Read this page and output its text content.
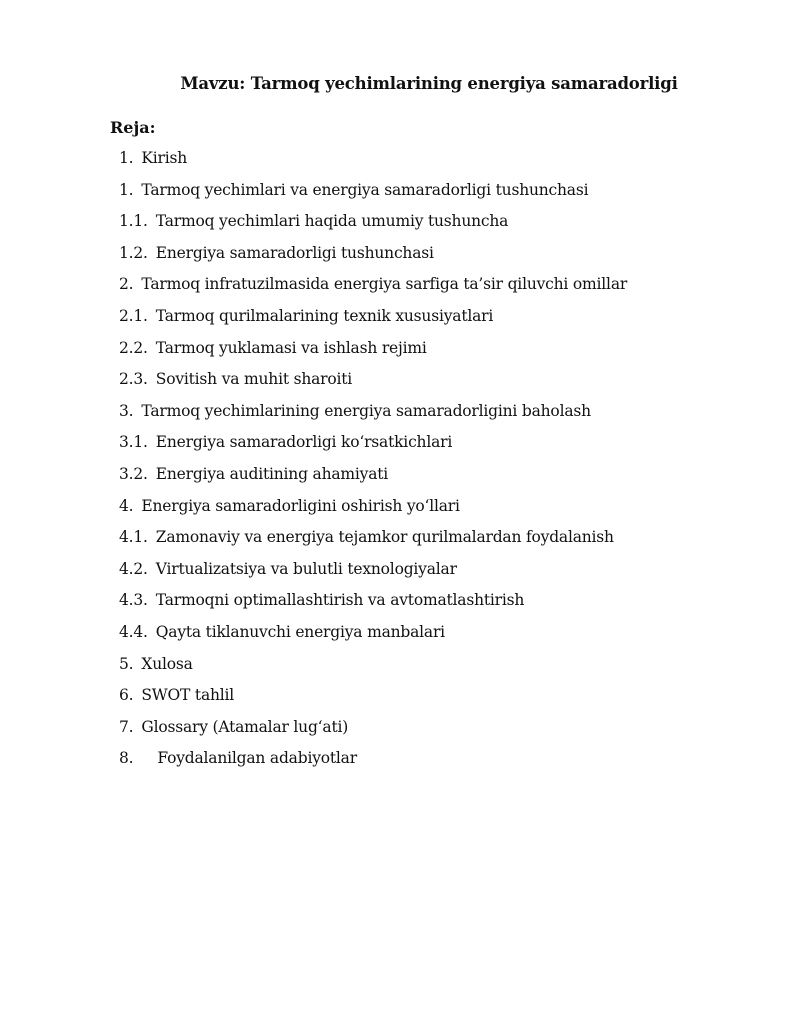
Mavzu: Tarmoq yechimlarining energiya samaradorligi
Reja:
1. Kirish
1. Tarmoq yechimlari va energiya samaradorligi tushunchasi
1.1. Tarmoq yechimlari haqida umumiy tushuncha
1.2. Energiya samaradorligi tushunchasi
2. Tarmoq infratuzilmasida energiya sarfiga ta’sir qiluvchi omillar
2.1. Tarmoq qurilmalarining texnik xususiyatlari
2.2. Tarmoq yuklamasi va ishlash rejimi
2.3. Sovitish va muhit sharoiti
3. Tarmoq yechimlarining energiya samaradorligini baholash
3.1. Energiya samaradorligi ko‘rsatkichlari
3.2. Energiya auditining ahamiyati
4. Energiya samaradorligini oshirish yo‘llari
4.1. Zamonaviy va energiya tejamkor qurilmalardan foydalanish
4.2. Virtualizatsiya va bulutli texnologiyalar
4.3. Tarmoqni optimallashtirish va avtomatlashtirish
4.4. Qayta tiklanuvchi energiya manbalari
5. Xulosa
6. SWOT tahlil
7. Glossary (Atamalar lug‘ati)
8. Foydalanilgan adabiyotlar
